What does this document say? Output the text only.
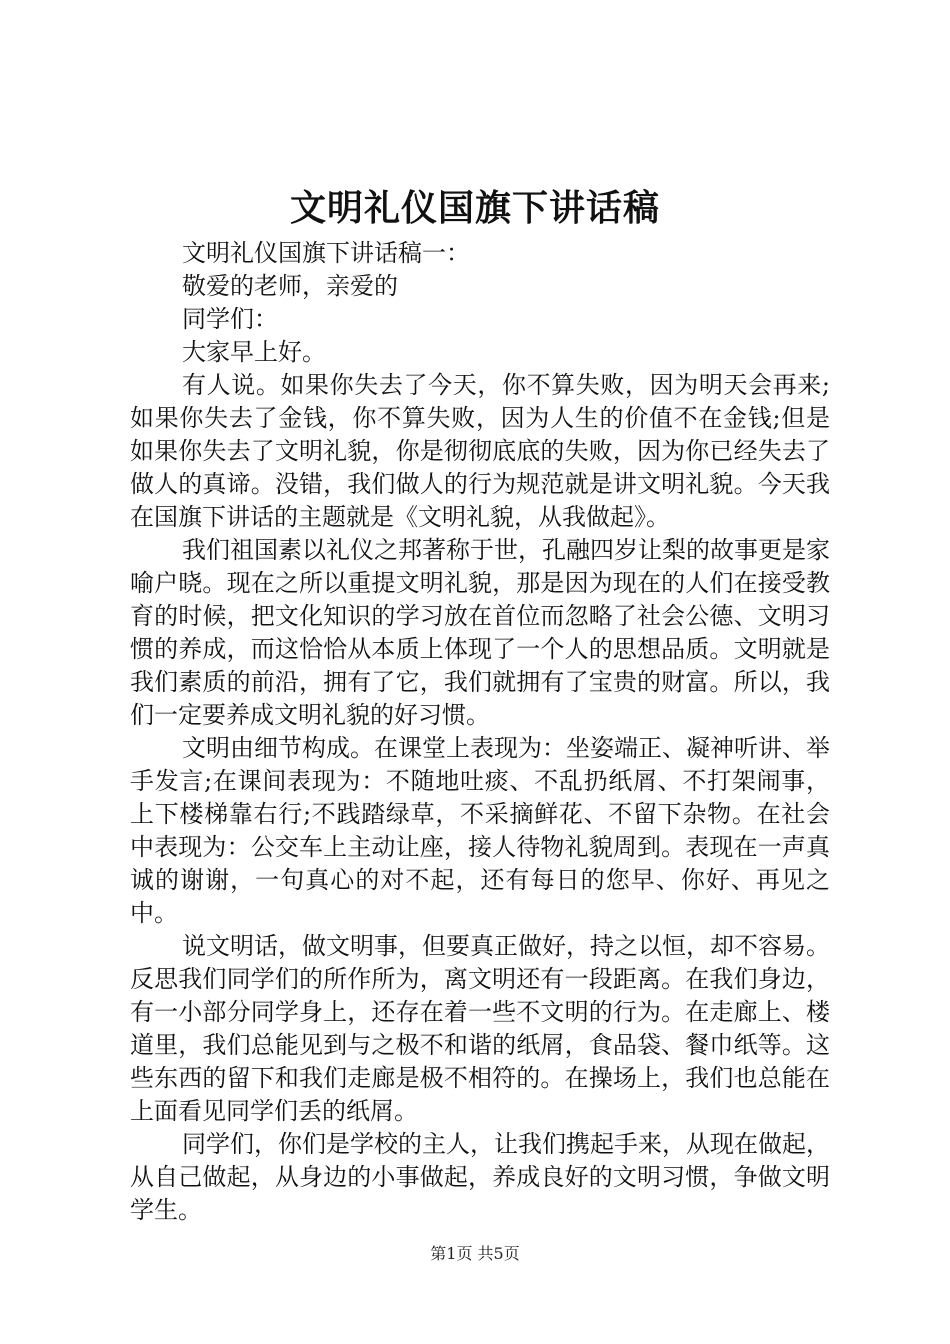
文明礼仪国旗下讲话稿

文明礼仪国旗下讲话稿一：

敬爱的老师，亲爱的

同学们：

大家早上好。

有人说。如果你失去了今天，你不算失败，因为明天会再来;如果你失去了金钱，你不算失败，因为人生的价值不在金钱;但是如果你失去了文明礼貌，你是彻彻底底的失败，因为你已经失去了做人的真谛。没错，我们做人的行为规范就是讲文明礼貌。今天我在国旗下讲话的主题就是《文明礼貌，从我做起》。

我们祖国素以礼仪之邦著称于世，孔融四岁让梨的故事更是家喻户晓。现在之所以重提文明礼貌，那是因为现在的人们在接受教育的时候，把文化知识的学习放在首位而忽略了社会公德、文明习惯的养成，而这恰恰从本质上体现了一个人的思想品质。文明就是我们素质的前沿，拥有了它，我们就拥有了宝贵的财富。所以，我们一定要养成文明礼貌的好习惯。

文明由细节构成。在课堂上表现为：坐姿端正、凝神听讲、举手发言;在课间表现为：不随地吐痰、不乱扔纸屑、不打架闹事，上下楼梯靠右行;不践踏绿草，不采摘鲜花、不留下杂物。在社会中表现为：公交车上主动让座，接人待物礼貌周到。表现在一声真诚的谢谢，一句真心的对不起，还有每日的您早、你好、再见之中。

说文明话，做文明事，但要真正做好，持之以恒，却不容易。反思我们同学们的所作所为，离文明还有一段距离。在我们身边，有一小部分同学身上，还存在着一些不文明的行为。在走廊上、楼道里，我们总能见到与之极不和谐的纸屑，食品袋、餐巾纸等。这些东西的留下和我们走廊是极不相符的。在操场上，我们也总能在上面看见同学们丢的纸屑。

同学们，你们是学校的主人，让我们携起手来，从现在做起，从自己做起，从身边的小事做起，养成良好的文明习惯，争做文明学生。

第1页 共5页
